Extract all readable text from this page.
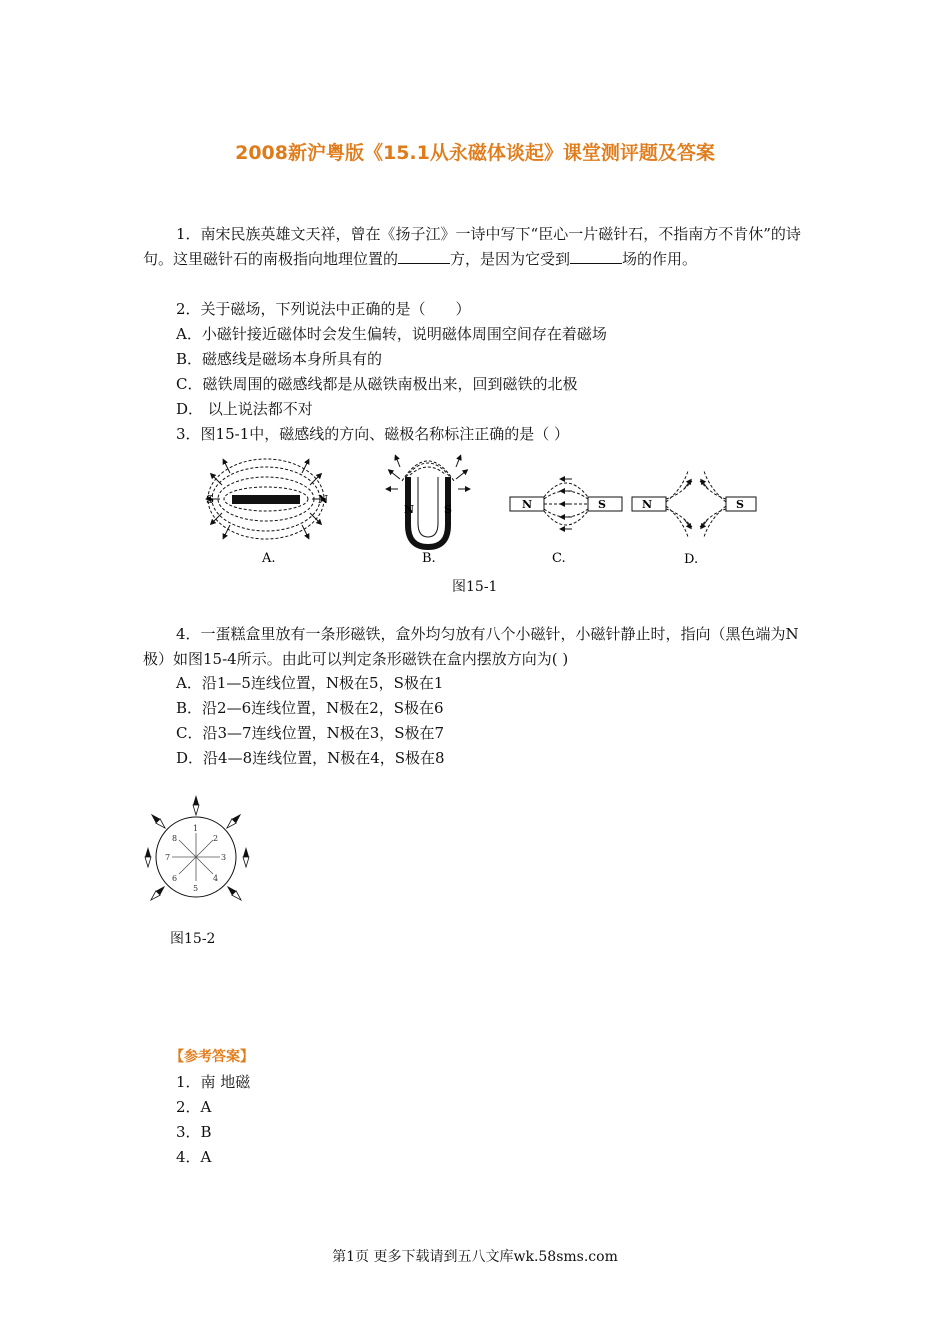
2008新沪粤版《15.1从永磁体谈起》课堂测评题及答案
1．南宋民族英雄文天祥，曾在《扬子江》一诗中写下“臣心一片磁针石，不指南方不肯休”的诗句。这里磁针石的南极指向地理位置的	方，是因为它受到	场的作用。
2．关于磁场，下列说法中正确的是（　　）
A．小磁针接近磁体时会发生偏转，说明磁体周围空间存在着磁场
B．磁感线是磁场本身所具有的
C．磁铁周围的磁感线都是从磁铁南极出来，回到磁铁的北极
D． 以上说法都不对
3．图15-1中，磁感线的方向、磁极名称标注正确的是（ ）
S	N
A.
N	S
B.
N	S
C.
N	S
D.
图15-1
4．一蛋糕盒里放有一条形磁铁，盒外均匀放有八个小磁针，小磁针静止时，指向（黑色端为N极）如图15-4所示。由此可以判定条形磁铁在盒内摆放方向为( )
A．沿1—5连线位置，N极在5，S极在1
B．沿2—6连线位置，N极在2，S极在6
C．沿3—7连线位置，N极在3，S极在7
D．沿4—8连线位置，N极在4，S极在8
1
2
3
4
5
6
7
8
图15-2
【参考答案】
1．南 地磁
2．A
3．B
4．A
第1页 更多下载请到五八文库wk.58sms.com
